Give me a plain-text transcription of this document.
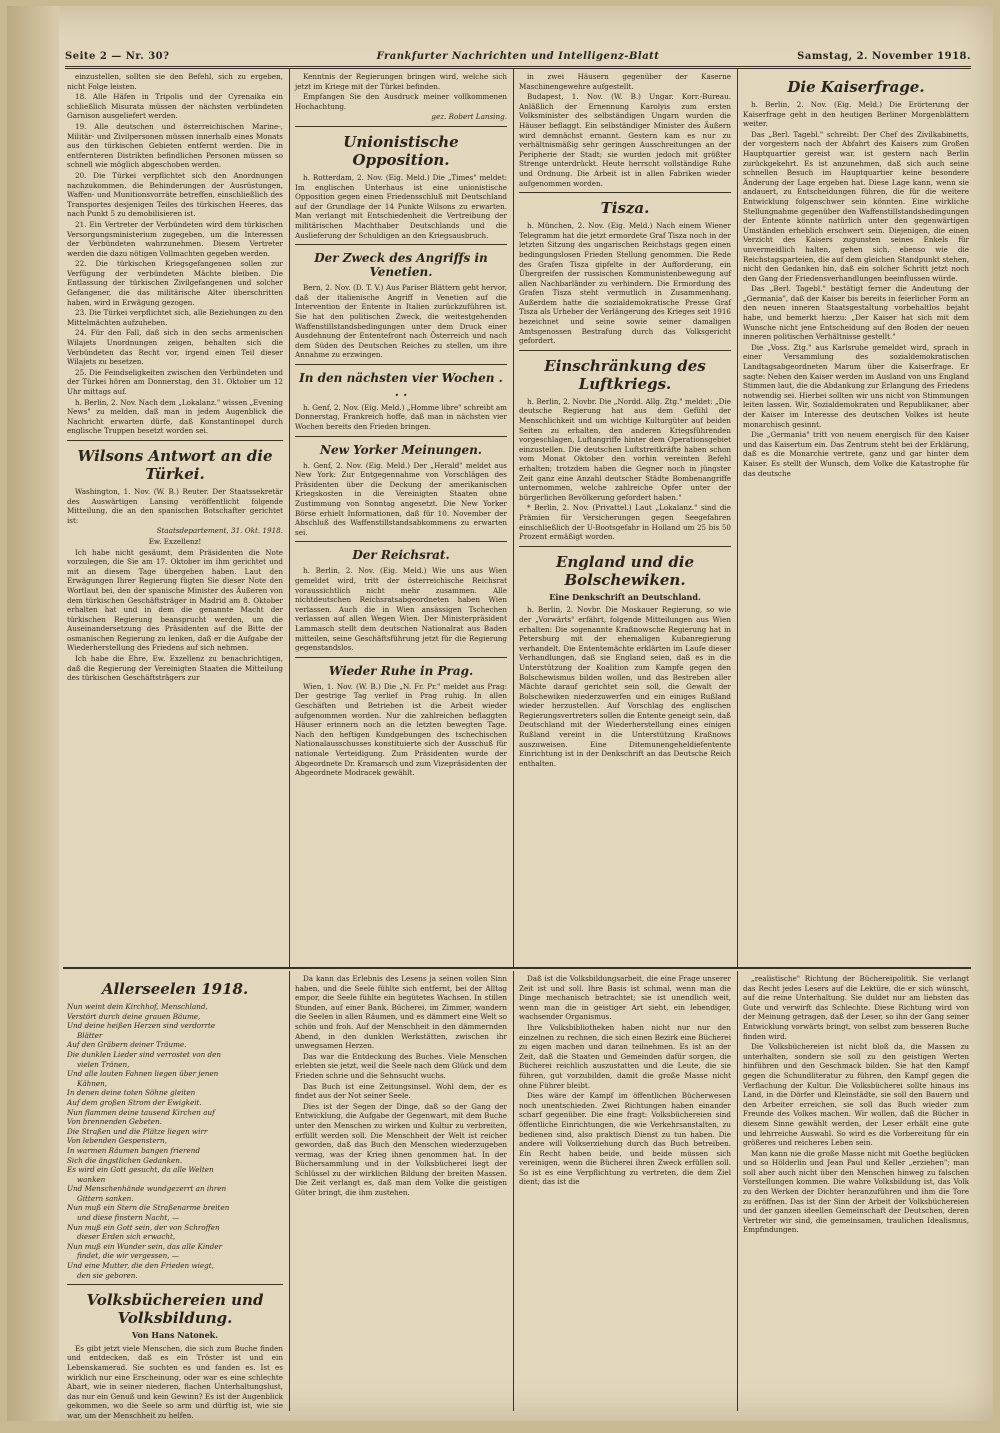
Seite 2 — Nr. 30?	Frankfurter Nachrichten und Intelligenz-Blatt	Samstag, 2. November 1918.

einzustellen, sollten sie den Befehl, sich zu ergeben, nicht Folge leisten.

18. Alle Häfen in Tripolis und der Cyrenaika ein schließlich Misurata müssen der nächsten verbündeten Garnison ausgeliefert werden.

19. Alle deutschen und österreichischen Marine-, Militär- und Zivilpersonen müssen innerhalb eines Monats aus den türkischen Gebieten entfernt werden. Die in entfernteren Distrikten befindlichen Personen müssen so schnell wie möglich abgeschoben werden.

20. Die Türkei verpflichtet sich den Anordnungen nachzukommen, die Behinderungen der Ausrüstungen, Waffen- und Munitionsvorräte betreffen, einschließlich des Transportes desjenigen Teiles des türkischen Heeres, das nach Punkt 5 zu demobilisieren ist.

21. Ein Vertreter der Verbündeten wird dem türkischen Versorgungsministerium zugegeben, um die Interessen der Verbündeten wahrzunehmen. Diesem Vertreter werden die dazu nötigen Vollmachten gegeben werden.

22. Die türkischen Kriegsgefangenen sollen zur Verfügung der verbündeten Mächte bleiben. Die Entlassung der türkischen Zivilgefangenen und solcher Gefangener, die das militärische Alter überschritten haben, wird in Erwägung gezogen.

23. Die Türkei verpflichtet sich, alle Beziehungen zu den Mittelmächten aufzuheben.

24. Für den Fall, daß sich in den sechs armenischen Wilajets Unordnungen zeigen, behalten sich die Verbündeten das Recht vor, irgend einen Teil dieser Wilajets zu besetzen.

25. Die Feindseligkeiten zwischen den Verbündeten und der Türkei hören am Donnerstag, den 31. Oktober um 12 Uhr mittags auf.

h. Berlin, 2. Nov. Nach dem „Lokalanz." wissen „Evening News" zu melden, daß man in jedem Augenblick die Nachricht erwarten dürfe, daß Konstantinopel durch englische Truppen besetzt worden sei.

Wilsons Antwort an die Türkei.

Washington, 1. Nov. (W. B.) Reuter. Der Staatssekretär des Auswärtigen Lansing veröffentlicht folgende Mitteilung, die an den spanischen Botschafter gerichtet ist:

Staatsdepartement, 31. Okt. 1918.

Ew. Exzellenz!

Ich habe nicht gesäumt, dem Präsidenten die Note vorzulegen, die Sie am 17. Oktober im ihm gerichtet und mit an diesem Tage übergeben haben. Laut den Erwägungen Ihrer Regierung fügten Sie dieser Note den Wortlaut bei, den der spanische Minister des Äußeren von dem türkischen Geschäftsträger in Madrid am 8. Oktober erhalten hat und in dem die genannte Macht der türkischen Regierung beansprucht werden, um die Auseinandersetzung des Präsidenten auf die Bitte der osmanischen Regierung zu lenken, daß er die Aufgabe der Wiederherstellung des Friedens auf sich nehmen.

Ich habe die Ehre, Ew. Exzellenz zu benachrichtigen, daß die Regierung der Vereinigten Staaten die Mitteilung des türkischen Geschäftsträgers zur

Kenntnis der Regierungen bringen wird, welche sich jetzt im Kriege mit der Türkei befinden.

Empfangen Sie den Ausdruck meiner vollkommenen Hochachtung.

gez. Robert Lansing.

Unionistische Opposition.

h. Rotterdam, 2. Nov. (Eig. Meld.) Die „Times" meldet: Im englischen Unterhaus ist eine unionistische Opposition gegen einen Friedensschluß mit Deutschland auf der Grundlage der 14 Punkte Wilsons zu erwarten. Man verlangt mit Entschiedenheit die Vertreibung der militärischen Machthaber Deutschlands und die Auslieferung der Schuldigen an den Kriegsausbruch.

Der Zweck des Angriffs in Venetien.

Bern, 2. Nov. (D. T. V.) Aus Pariser Blättern geht hervor, daß der italienische Angriff in Venetien auf die Intervention der Entente in Italien zurückzuführen ist. Sie hat den politischen Zweck, die weitestgehenden Waffenstillstandsbedingungen unter dem Druck einer Ausdehnung der Ententefront nach Österreich und nach dem Süden des Deutschen Reiches zu stellen, um ihre Annahme zu erzwingen.

In den nächsten vier Wochen . . .

h. Genf, 2. Nov. (Eig. Meld.) „Homme libre" schreibt am Donnerstag, Frankreich hoffe, daß man in nächsten vier Wochen bereits den Frieden bringen.

New Yorker Meinungen.

h. Genf, 2. Nov. (Eig. Meld.) Der „Herald" meldet aus New York: Zur Entgegennahme von Vorschlägen des Präsidenten über die Deckung der amerikanischen Kriegskosten in die Vereinigten Staaten ohne Zustimmung von Sonntag angesetzt. Die New Yorker Börse erhielt Informationen, daß für 10. November der Abschluß des Waffenstillstandsabkommens zu erwarten sei.

Der Reichsrat.

h. Berlin, 2. Nov. (Eig. Meld.) Wie uns aus Wien gemeldet wird, tritt der österreichische Reichsrat voraussichtlich nicht mehr zusammen. Alle nichtdeutschen Reichsratsabgeordneten haben Wien verlassen. Auch die in Wien ansässigen Tschechen verlassen auf allen Wegen Wien. Der Ministerpräsident Lammasch stellt dem deutschen Nationalrat aus Baden mitteilen, seine Geschäftsführung jetzt für die Regierung gegenstandslos.

Wieder Ruhe in Prag.

Wien, 1. Nov. (W. B.) Die „N. Fr. Pr." meldet aus Prag: Der gestrige Tag verlief in Prag ruhig. In allen Geschäften und Betrieben ist die Arbeit wieder aufgenommen worden. Nur die zahlreichen beflaggten Häuser erinnern noch an die letzten bewegten Tage. Nach den heftigen Kundgebungen des tschechischen Nationalausschusses konstituierte sich der Ausschuß für nationale Verteidigung. Zum Präsidenten wurde der Abgeordnete Dr. Kramarsch und zum Vizepräsidenten der Abgeordnete Modracek gewählt.

in zwei Häusern gegenüber der Kaserne Maschinengewehre aufgestellt.

Budapest, 1. Nov. (W. B.) Ungar. Korr.-Bureau. Anläßlich der Ernennung Karolyis zum ersten Volksminister des selbständigen Ungarn wurden die Häuser beflaggt. Ein selbständiger Minister des Äußern wird demnächst ernannt. Gestern kam es nur zu verhältnismäßig sehr geringen Ausschreitungen an der Peripherie der Stadt; sie wurden jedoch mit größter Strenge unterdrückt. Heute herrscht vollständige Ruhe und Ordnung. Die Arbeit ist in allen Fabriken wieder aufgenommen worden.

Tisza.

h. München, 2. Nov. (Eig. Meld.) Nach einem Wiener Telegramm hat die jetzt ermordete Graf Tisza noch in der letzten Sitzung des ungarischen Reichstags gegen einen bedingungslosen Frieden Stellung genommen. Die Rede des Grafen Tisza gipfelte in der Aufforderung, ein Übergreifen der russischen Kommunistenbewegung auf allen Nachbarländer zu verhindern. Die Ermordung des Grafen Tisza steht vermutlich in Zusammenhang. Außerdem hatte die sozialdemokratische Presse Graf Tisza als Urheber der Verlängerung des Krieges seit 1916 bezeichnet und seine sowie seiner damaligen Amtsgenossen Bestrafung durch das Volksgericht gefordert.

Einschränkung des Luftkriegs.

h. Berlin, 2. Novbr. Die „Nordd. Allg. Ztg." meldet: „Die deutsche Regierung hat aus dem Gefühl der Menschlichkeit und um wichtige Kulturgüter auf beiden Seiten zu erhalten, den anderen Kriegsführenden vorgeschlagen, Luftangriffe hinter dem Operationsgebiet einzustellen. Die deutschen Luftstreitkräfte haben schon vom Monat Oktober den vorhin vereinten Befehl erhalten; trotzdem haben die Gegner noch in jüngster Zeit ganz eine Anzahl deutscher Städte Bombenangriffe unternommen, welche zahlreiche Opfer unter der bürgerlichen Bevölkerung gefordert haben."

* Berlin, 2. Nov. (Privattel.) Laut „Lokalanz." sind die Prämien für Versicherungen gegen Seegefahren einschließlich der U-Bootsgefahr in Holland um 25 bis 50 Prozent ermäßigt worden.

England und die Bolschewiken.
Eine Denkschrift an Deutschland.

h. Berlin, 2. Novbr. Die Moskauer Regierung, so wie der „Vorwärts" erfährt, folgende Mitteilungen aus Wien erhalten: Die sogenannte Kraßnowsche Regierung hat in Petersburg mit der ehemaligen Kubanregierung verhandelt. Die Ententemächte erklärten im Laufe dieser Verhandlungen, daß sie England seien, daß es in die Unterstützung der Koalition zum Kampfe gegen den Bolschewismus bilden wollen, und das Bestreben aller Mächte darauf gerichtet sein soll, die Gewalt der Bolschewiken niederzuwerfen und ein einiges Rußland wieder herzustellen. Auf Vorschlag des englischen Regierungsvertreters sollen die Entente geneigt sein, daß Deutschland mit der Wiederherstellung eines einigen Rußland vereint in die Unterstützung Kraßnows auszuweisen. Eine Ditemunengeheldiefentente Einrichtung ist in der Denkschrift an das Deutsche Reich enthalten.

Die Kaiserfrage.

h. Berlin, 2. Nov. (Eig. Meld.) Die Erörterung der Kaiserfrage geht in den heutigen Berliner Morgenblättern weiter.

Das „Berl. Tagebl." schreibt: Der Chef des Zivilkabinetts, der vorgestern nach der Abfahrt des Kaisers zum Großen Hauptquartier gereist war, ist gestern nach Berlin zurückgekehrt. Es ist anzunehmen, daß sich auch seine schnellen Besuch im Hauptquartier keine besondere Änderung der Lage ergeben hat. Diese Lage kann, wenn sie andauert, zu Entscheidungen führen, die für die weitere Entwicklung folgenschwer sein könnten. Eine wirkliche Stellungnahme gegenüber den Waffenstillstandsbedingungen der Entente könnte natürlich unter den gegenwärtigen Umständen erheblich erschwert sein. Diejenigen, die einen Verzicht des Kaisers zugunsten seines Enkels für unvermeidlich halten, gehen sich, ebenso wie die Reichstagsparteien, die auf dem gleichen Standpunkt stehen, nicht den Gedanken hin, daß ein solcher Schritt jetzt noch den Gang der Friedensverhandlungen beeinflussen würde.

Das „Berl. Tagebl." bestätigt ferner die Andeutung der „Germania", daß der Kaiser bis bereits in feierlicher Form an den neuen inneren Staatsgestaltung vorbehaltlos bejaht habe, und bemerkt hierzu: „Der Kaiser hat sich mit dem Wunsche nicht jene Entscheidung auf den Boden der neuen inneren politischen Verhältnisse gestellt."

Die „Voss. Ztg." aus Karlsruhe gemeldet wird, sprach in einer Versammlung des sozialdemokratischen Landtagsabgeordneten Marum über die Kaiserfrage. Er sagte: Neben den Kaiser werden im Ausland von uns England Stimmen laut, die die Abdankung zur Erlangung des Friedens notwendig sei. Hierbei sollten wir uns nicht von Stimmungen leiten lassen. Wir, Sozialdemokraten und Republikaner, aber der Kaiser im Interesse des deutschen Volkes ist heute monarchisch gesinnt.

Die „Germania" tritt von neuem energisch für den Kaiser und das Kaisertum ein. Das Zentrum steht bei der Erklärung, daß es die Monarchie vertrete, ganz und gar hinter dem Kaiser. Es stellt der Wunsch, dem Volke die Katastrophe für das deutsche

Allerseelen 1918.

Nun weint dein Kirchhof, Menschland,

Verstört durch deine grauen Bäume,

Und deine heißen Herzen sind verdorrte

Blätter

Auf den Gräbern deiner Träume.

Die dunklen Lieder sind verrostet von den

vielen Tränen,

Und alle lauten Fahnen liegen über jenen

Kähnen,

In denen deine toten Söhne gleiten

Auf dem großen Strom der Ewigkeit.

Nun flammen deine tausend Kirchen auf

Von brennenden Gebeten.

Die Straßen und die Plätze liegen wirr

Von lebenden Gespenstern,

In warmen Räumen bangen frierend

Sich die ängstlichen Gedanken.

Es wird ein Gott gesucht, da alle Welten

wanken

Und Menschenhände wundgezerrt an ihren

Gittern sanken.

Nun muß ein Stern die Straßenarme breiten

und diese finstern Nacht, —

Nun muß ein Gott sein, der von Schroffen

dieser Erden sich erwacht,

Nun muß ein Wunder sein, das alle Kinder

findet, die wir vergessen, —

Und eine Mutter, die den Frieden wiegt,

den sie geboren.

Volksbüchereien und Volksbildung.
Von Hans Natonek.

Es gibt jetzt viele Menschen, die sich zum Buche finden und entdecken, daß es ein Tröster ist und ein Lebenskamerad. Sie suchten es und fanden es. Ist es wirklich nur eine Erscheinung, oder war es eine schlechte Abart, wie in seiner niederen, flachen Unterhaltungslust, das nur ein Genuß und kein Gewinn? Es ist der Augenblick gekommen, wo die Seele so arm und dürftig ist, wie sie war, um der Menschheit zu helfen.

Da kann das Erlebnis des Lesens ja seinen vollen Sinn haben, und die Seele fühlte sich entfernt, bei der Alltag empor, die Seele fühlte ein begütetes Wachsen. In stillen Stunden, auf einer Bank, Bücherei, im Zimmer, wandern die Seelen in allen Räumen, und es dämmert eine Welt so schön und froh. Auf der Menschheit in den dämmernden Abend, in den dunklen Werkstätten, zwischen ihr unwegsamen Herzen.

Das war die Entdeckung des Buches. Viele Menschen erlebten sie jetzt, weil die Seele nach dem Glück und dem Frieden schrie und die Sehnsucht wuchs.

Das Buch ist eine Zeitungsinsel. Wohl dem, der es findet aus der Not seiner Seele.

Dies ist der Segen der Dinge, daß so der Gang der Entwicklung, die Aufgabe der Gegenwart, mit dem Buche unter den Menschen zu wirken und Kultur zu verbreiten, erfüllt werden soll. Die Menschheit der Welt ist reicher geworden, daß das Buch den Menschen wiederzugeben vermag, was der Krieg ihnen genommen hat. In der Büchersammlung und in der Volksbücherei liegt der Schlüssel zu der wirklichen Bildung der breiten Massen. Die Zeit verlangt es, daß man dem Volke die geistigen Güter bringt, die ihm zustehen.

Daß ist die Volksbildungsarbeit, die eine Frage unserer Zeit ist und soll. Ihre Basis ist schmal, wenn man die Dinge mechanisch betrachtet; sie ist unendlich weit, wenn man die in geistiger Art sieht, ein lebendiger, wachsender Organismus.

Ihre Volksbibliotheken haben nicht nur nur den einzelnen zu rechnen, die sich einen Bezirk eine Bücherei zu eigen machen und daran teilnehmen. Es ist an der Zeit, daß die Staaten und Gemeinden dafür sorgen, die Bücherei reichlich auszustatten und die Leute, die sie führen, gut vorzubilden, damit die große Masse nicht ohne Führer bleibt.

Dies wäre der Kampf im öffentlichen Bücherwesen noch unentschieden. Zwei Richtungen haben einander scharf gegenüber. Die eine fragt: Volksbüchereien sind öffentliche Einrichtungen, die wie Verkehrsanstalten, zu bedienen sind, also praktisch Dienst zu tun haben. Die andere will Volkserziehung durch das Buch betreiben. Ein Recht haben beide, und beide müssen sich vereinigen, wenn die Bücherei ihren Zweck erfüllen soll. So ist es eine Verpflichtung zu vertreten, die dem Ziel dient; das ist die

„realistische" Richtung der Büchereipolitik. Sie verlangt das Recht jedes Lesers auf die Lektüre, die er sich wünscht, auf die reine Unterhaltung. Sie duldet nur am liebsten das Gute und verwirft das Schlechte. Diese Richtung wird von der Meinung getragen, daß der Leser, so ihn der Gang seiner Entwicklung vorwärts bringt, von selbst zum besseren Buche finden wird.

Die Volksbüchereien ist nicht bloß da, die Massen zu unterhalten, sondern sie soll zu den geistigen Werten hinführen und den Geschmack bilden. Sie hat den Kampf gegen die Schundliteratur zu führen, den Kampf gegen die Verflachung der Kultur. Die Volksbücherei sollte hinaus ins Land, in die Dörfer und Kleinstädte, sie soll den Bauern und den Arbeiter erreichen, sie soll das Buch wieder zum Freunde des Volkes machen. Wir wollen, daß die Bücher in diesem Sinne gewählt werden, der Leser erhält eine gute und lehrreiche Auswahl. So wird es die Vorbereitung für ein größeres und reicheres Leben sein.

Man kann nie die große Masse nicht mit Goethe beglücken und so Hölderlin und Jean Paul und Keller „erziehen"; man soll aber auch nicht über den Menschen hinweg zu falschen Vorstellungen kommen. Die wahre Volksbildung ist, das Volk zu den Werken der Dichter heranzuführen und ihm die Tore zu eröffnen. Das ist der Sinn der Arbeit der Volksbüchereien und der ganzen ideellen Gemeinschaft der Deutschen, deren Vertreter wir sind, die gemeinsamen, traulichen Idealismus, Empfindungen.
